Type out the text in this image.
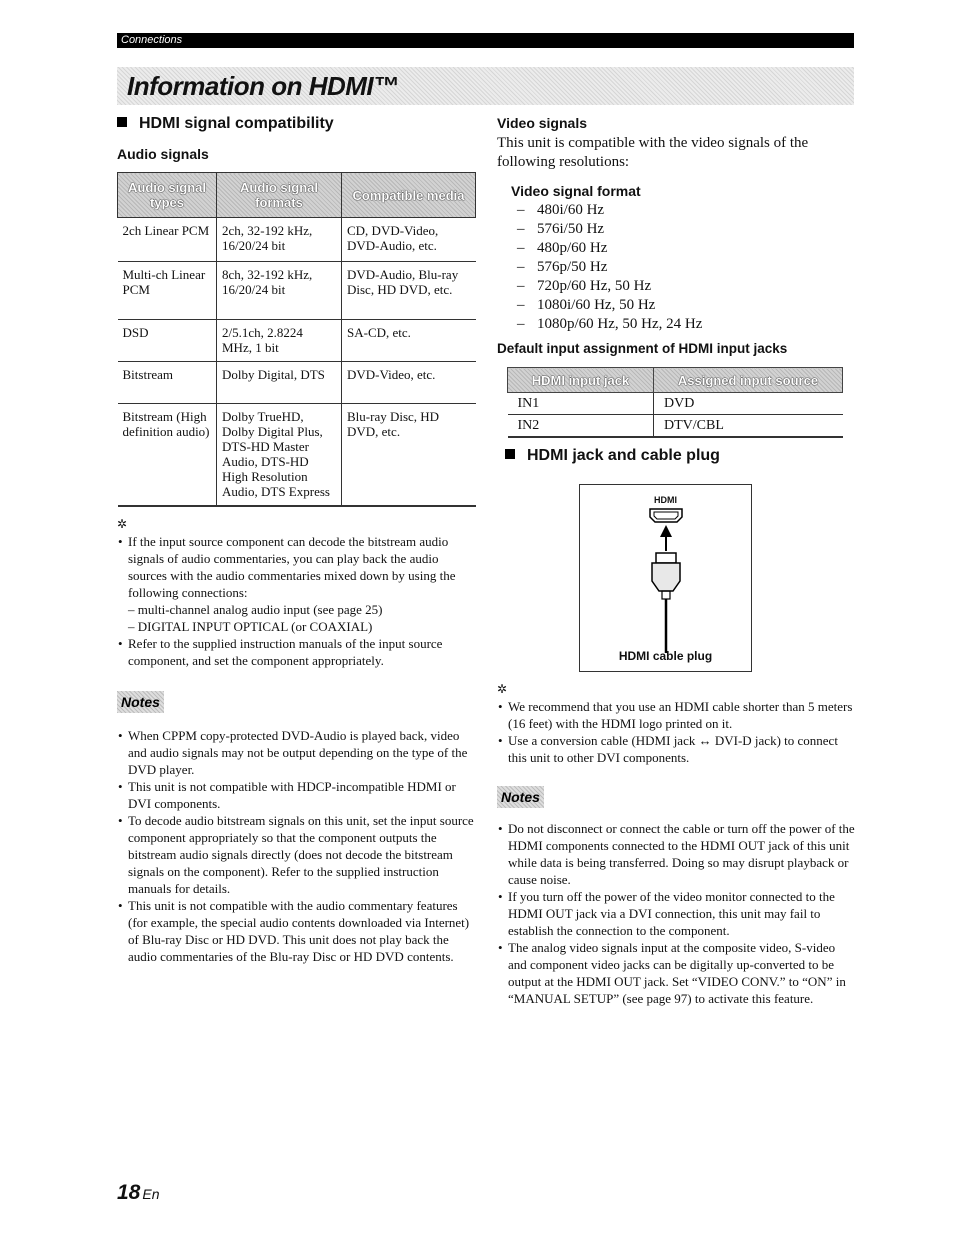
Connections
Information on HDMI™
HDMI signal compatibility
Audio signals
Audio signal types	Audio signal formats	Compatible media
2ch Linear PCM	2ch, 32-192 kHz, 16/20/24 bit	CD, DVD-Video, DVD-Audio, etc.
Multi-ch Linear PCM	8ch, 32-192 kHz, 16/20/24 bit	DVD-Audio, Blu-ray Disc, HD DVD, etc.
DSD	2/5.1ch, 2.8224 MHz, 1 bit	SA-CD, etc.
Bitstream	Dolby Digital, DTS	DVD-Video, etc.
Bitstream (High definition audio)	Dolby TrueHD, Dolby Digital Plus, DTS-HD Master Audio, DTS-HD High Resolution Audio, DTS Express	Blu-ray Disc, HD DVD, etc.
✲
• If the input source component can decode the bitstream audio signals of audio commentaries, you can play back the audio sources with the audio commentaries mixed down by using the following connections:
– multi-channel analog audio input (see page 25)
– DIGITAL INPUT OPTICAL (or COAXIAL)
• Refer to the supplied instruction manuals of the input source component, and set the component appropriately.
Notes
• When CPPM copy-protected DVD-Audio is played back, video and audio signals may not be output depending on the type of the DVD player.
• This unit is not compatible with HDCP-incompatible HDMI or DVI components.
• To decode audio bitstream signals on this unit, set the input source component appropriately so that the component outputs the bitstream audio signals directly (does not decode the bitstream signals on the component). Refer to the supplied instruction manuals for details.
• This unit is not compatible with the audio commentary features (for example, the special audio contents downloaded via Internet) of Blu-ray Disc or HD DVD. This unit does not play back the audio commentaries of the Blu-ray Disc or HD DVD contents.
Video signals
This unit is compatible with the video signals of the following resolutions:
Video signal format
– 480i/60 Hz
– 576i/50 Hz
– 480p/60 Hz
– 576p/50 Hz
– 720p/60 Hz, 50 Hz
– 1080i/60 Hz, 50 Hz
– 1080p/60 Hz, 50 Hz, 24 Hz
Default input assignment of HDMI input jacks
HDMI input jack	Assigned input source
IN1	DVD
IN2	DTV/CBL
HDMI jack and cable plug
HDMI
HDMI cable plug
✲
• We recommend that you use an HDMI cable shorter than 5 meters (16 feet) with the HDMI logo printed on it.
• Use a conversion cable (HDMI jack ↔ DVI-D jack) to connect this unit to other DVI components.
Notes
• Do not disconnect or connect the cable or turn off the power of the HDMI components connected to the HDMI OUT jack of this unit while data is being transferred. Doing so may disrupt playback or cause noise.
• If you turn off the power of the video monitor connected to the HDMI OUT jack via a DVI connection, this unit may fail to establish the connection to the component.
• The analog video signals input at the composite video, S-video and component video jacks can be digitally up-converted to be output at the HDMI OUT jack. Set “VIDEO CONV.” to “ON” in “MANUAL SETUP” (see page 97) to activate this feature.
18 En
